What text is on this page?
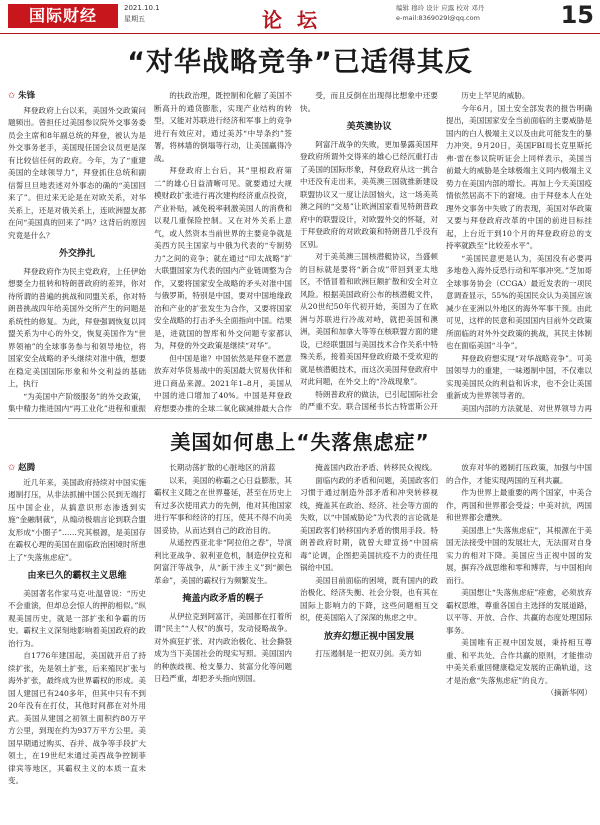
国际财经	2021.10.1
星期五	论 坛	编辑 穆玲 设计 应露 校对 邓丹
e-mail:8369029l@qq.com	15
“对华战略竞争”已适得其反
✩ 朱锋

拜登政府上台以来，美国外交政策问题频出。曾担任过美国参议院外交事务委员会主席和8年副总统的拜登，被认为是外交事务老手，美国现任国会议员更是深有比较信任何的政府。今年，为了“重建美国的全球领导力”，拜登抓住总统和副信誓旦旦地表述对外事态的确的“美国回来了”。但过来无论是在对欧关系，对华关系上，还是对俄关系上，连欧洲盟友都在问“美国真的回来了”吗？这背后的原因究竟是什么？

外交挣扎

拜登政府作为民主党政府，上任伊始想要全力扭转和特朗普政府的差异，你对待所谓的普遍的挑战和同盟关系，你对特朗普挑战四年给美国外交所产生的问题是系统性的修复。为此，拜登强调恢复以同盟关系为中心的外交，恢复美国作为“世界领袖”的全球事务参与和领导地位，将国家安全战略的矛头继续对准中俄，想要在稳定美国国际形象和外交利益的基础上，执行

“为美国中产阶级服务”的外交政策，集中精力推进国内“再工业化”进程和重振

的扶政治理，既控制和化解了美国不断高升的通货膨胀，实现产业结构的转型，又能对苏联进行经济和军事上的竞争进行有效应对，通过美苏“中导条约”签署，将林墙的倒塌等行动，让美国赢得冷战。

拜登政府上台后，其“里根政府第二”的雄心日益清晰可见。就要通过大规模财政扩张进行再次建构经济重点投资，产业补贴，减免税率刺激美国人的消费和以观几重保险控制。又在对外关系上意气，或人然资本当前世界的主要竞争就是美西方民主国家与中俄为代表的“专制势力”之间的竞争；就在通过“印太战略”扩大联盟国家为代表的国内产业链调整为合作，又要将国家安全战略的矛头对准中国与俄罗斯，特别是中国，要对中国地缘政治和产业的扩张发生为合作，又要将国家安全战略的打击矛头全面指向中国。结果是，进就国的智库和外交问题专家都认为，拜登的外交政策是继续“对华”。

但中国是谁？中国依然是拜登不愿意放弃对华货易战中的美国最大贸易伙伴和进口商品来源。2021年1–8月，美国从中国的进口增加了40%。中国是拜登政府想要办推的全球二氧化碳减排最大合作

受，而且反倒在出现得比想象中还要快。

美英澳协议

阿富汗战争的失败，更加暴露美国拜登政府所谓外交得来的雄心已经沉重打击了美国的国际形象，拜登政府从这一挑合中还没有走出来，美英澳三国就推新建设联盟协议又一度让法国恼火，这一场美英澳之间的“交易”让欧洲国家看见特朗普政府中的联盟设计，对欧盟外交的怀疑，对于拜登政府的对欧政策和特朗普几乎没有区别。

对于美英澳三国核潜艇协议，当盛顿的目标就是要将“新合成”带回到亚太地区，不惜冒着和欧洲巨额扩散和安全对立风险。根据美国政府公布的核潜艇文件，从20世纪50年代初开始，美国为了在欧洲与苏联进行冷战对峙，就把美国和澳洲，美国和加拿大等等在核联盟方面的建设，已经联盟国与美国技术合作关系中特殊关系，接着美国拜登政府最不受欢迎的就是核潜艇技术，而这次美国拜登政府中对此问题，在外交上的“冷战现象”。

特朗普政府的做法，已引起国际社会的严重不安。联合国秘书长古特雷斯公开

历史上罕见的威胁。

今年6月，国土安全部发表的报告明确提出，美国国家安全当前面临的主要威胁是国内的白人极端主义以及由此可能发生的暴力冲突。9月20日，美国FBI局长克里斯托弗·雷在参议院听证会上同样表示，美国当前最大的威胁是全球极端主义同内极端主义势力在美国内部的增长。再加上今天美国疫情依然居高不下的窘境。由于拜登本人在处理外交事务中失败了的表现，美国对华政策又要与拜登政府改革的中国的前进目标挂起，上台近于到10个月的拜登政府总的支持率就跌至“比较差水平”。

“美国民意更是认为，美国没有必要再多地卷入海外反恐行动和军事冲突。”芝加哥全球事务协会（CCGA）最近发表的一项民意调查显示，55%的美国民众认为美国应该减少在亚洲以外地区的海外军事干预。由此可见，这样的民意和美国国内目前外交政策所面临的对外外交政策的挑战，其民主体制也在面临美国“斗争”。

拜登政府想实现“对华战略竞争”。可美国领导力的重建，一味遏制中国，不仅难以实现美国民众的利益和诉求，也不会让美国重新成为世界领导者的。

美国内部的方法就是，对世界领导力再

美国如何患上“失落焦虑症”
✩ 赵腾

近几年来，美国政府持续对中国实施遏制打压，从非法抓捕中国公民到无端打压中国企业，从搞意识形态渗透到实施“金融制裁”，从煽动极端言论到联合盟友形成“小圈子”……究其根源，是美国存在霸权心理的美国在面临政治困境时所患上了“失落焦虑症”。

由来已久的霸权主义思维

美国著名作家马克·吐温曾说：“历史不会重演，但却总会惊人的押韵相似。”纵观美国历史，就是一部扩张和争霸的历史。霸权主义深刻地影响着美国政府的政治行为。

自1776年建国起，美国就开启了持续扩张，先是领土扩张，后来殖民扩张与海外扩张，最终成为世界霸权的形成。美国人建国已有240多年，但其中只有不到20年没有在打仗，其他时间都在对外用武。美国从建国之初领土面积约80万平方公里，到现在约为937万平方公里。美国早期通过购买、吞并、战争等手段扩大领土，在19世纪末通过美西战争控制菲律宾等地区，其霸权主义的本质一直未变。

长期动荡扩散的心脏地区的消蓝

以来，美国的称霸之心日益膨胀，其霸权主义随之在世界蔓延，甚至在历史上有过多次使用武力的先例，他对其他国家进行军事和经济的打压，使其不得不向美国妥协，从而达到自己的政治目的。

从遥控西亚北非“阿拉伯之春”，导演利比亚战争、叙利亚危机，制造伊拉克和阿富汗等战争，从“新干涉主义”到“颜色革命”，美国的霸权行为频繁发生。

掩盖内政矛盾的幌子

从伊拉克到阿富汗，美国都在打着所谓“民主”“人权”的旗号，发动侵略战争。对外疯狂扩张、对内政治极化、社会撕裂成为当下美国社会的现实写照。美国国内的种族歧视、枪支暴力、贫富分化等问题日趋严重，却把矛头指向别国。

掩盖国内政治矛盾、转移民众视线。

面临内政的矛盾和问题，美国政客们习惯于通过制造外部矛盾和冲突转移视线，掩盖其在政治、经济、社会等方面的失败，以“中国威胁论”为代表的言论就是美国政客们转移国内矛盾的惯用手段。特朗普政府时期，就曾大肆宣扬“中国病毒”论调，企图把美国抗疫不力的责任甩锅给中国。

美国目前面临的困境，既有国内的政治极化、经济失衡、社会分裂，也有其在国际上影响力的下降，这些问题相互交织，使美国陷入了深深的焦虑之中。

放弃幻想正视中国发展

打压遏制是一把双刃剑。美方如

放弃对华的遏制打压政策，加强与中国的合作，才能实现两国的互利共赢。

作为世界上最重要的两个国家，中美合作，两国和世界都会受益；中美对抗，两国和世界都会遭殃。

美国患上“失落焦虑症”，其根源在于美国无法接受中国的发展壮大，无法面对自身实力的相对下降。美国应当正视中国的发展，摒弃冷战思维和零和博弈，与中国相向而行。

美国想让“失落焦虑症”痊愈，必须放弃霸权思维，尊重各国自主选择的发展道路，以平等、开放、合作、共赢的态度处理国际事务。

美国唯有正视中国发展，秉持相互尊重、和平共处、合作共赢的原则，才能推动中美关系重回健康稳定发展的正确轨道，这才是治愈“失落焦虑症”的良方。

（摘新华网）
